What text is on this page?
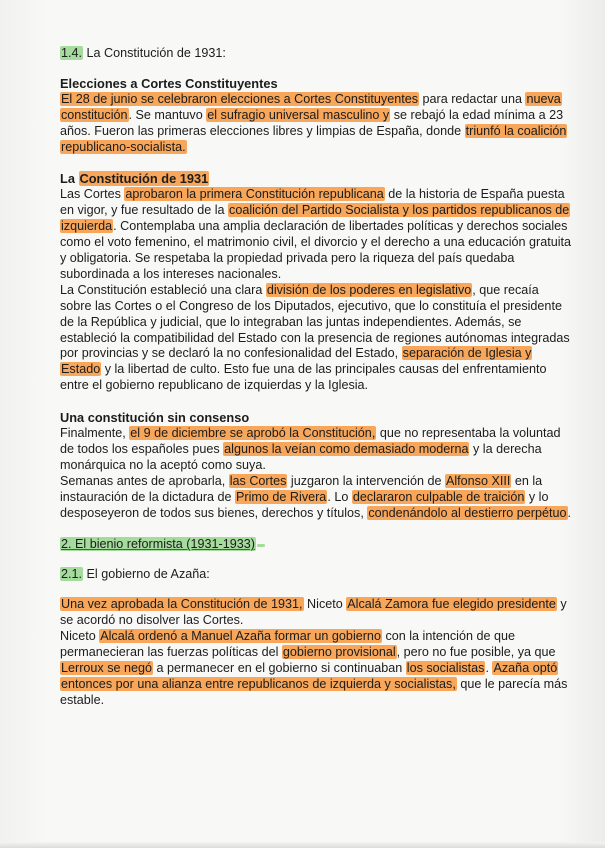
1.4. La Constitución de 1931:

Elecciones a Cortes Constituyentes

El 28 de junio se celebraron elecciones a Cortes Constituyentes para redactar una nueva constitución. Se mantuvo el sufragio universal masculino y se rebajó la edad mínima a 23 años. Fueron las primeras elecciones libres y limpias de España, donde triunfó la coalición republicano-socialista.

La Constitución de 1931

Las Cortes aprobaron la primera Constitución republicana de la historia de España puesta en vigor, y fue resultado de la coalición del Partido Socialista y los partidos republicanos de izquierda. Contemplaba una amplia declaración de libertades políticas y derechos sociales como el voto femenino, el matrimonio civil, el divorcio y el derecho a una educación gratuita y obligatoria. Se respetaba la propiedad privada pero la riqueza del país quedaba subordinada a los intereses nacionales.

La Constitución estableció una clara división de los poderes en legislativo, que recaía sobre las Cortes o el Congreso de los Diputados, ejecutivo, que lo constituía el presidente de la República y judicial, que lo integraban las juntas independientes. Además, se estableció la compatibilidad del Estado con la presencia de regiones autónomas integradas por provincias y se declaró la no confesionalidad del Estado, separación de Iglesia y Estado y la libertad de culto. Esto fue una de las principales causas del enfrentamiento entre el gobierno republicano de izquierdas y la Iglesia.

Una constitución sin consenso

Finalmente, el 9 de diciembre se aprobó la Constitución, que no representaba la voluntad de todos los españoles pues algunos la veían como demasiado moderna y la derecha monárquica no la aceptó como suya.

Semanas antes de aprobarla, las Cortes juzgaron la intervención de Alfonso XIII en la instauración de la dictadura de Primo de Rivera. Lo declararon culpable de traición y lo desposeyeron de todos sus bienes, derechos y títulos, condenándolo al destierro perpétuo.

2. El bienio reformista (1931-1933)

2.1. El gobierno de Azaña:

Una vez aprobada la Constitución de 1931, Niceto Alcalá Zamora fue elegido presidente y se acordó no disolver las Cortes.

Niceto Alcalá ordenó a Manuel Azaña formar un gobierno con la intención de que permanecieran las fuerzas políticas del gobierno provisional, pero no fue posible, ya que Lerroux se negó a permanecer en el gobierno si continuaban los socialistas. Azaña optó entonces por una alianza entre republicanos de izquierda y socialistas, que le parecía más estable.
